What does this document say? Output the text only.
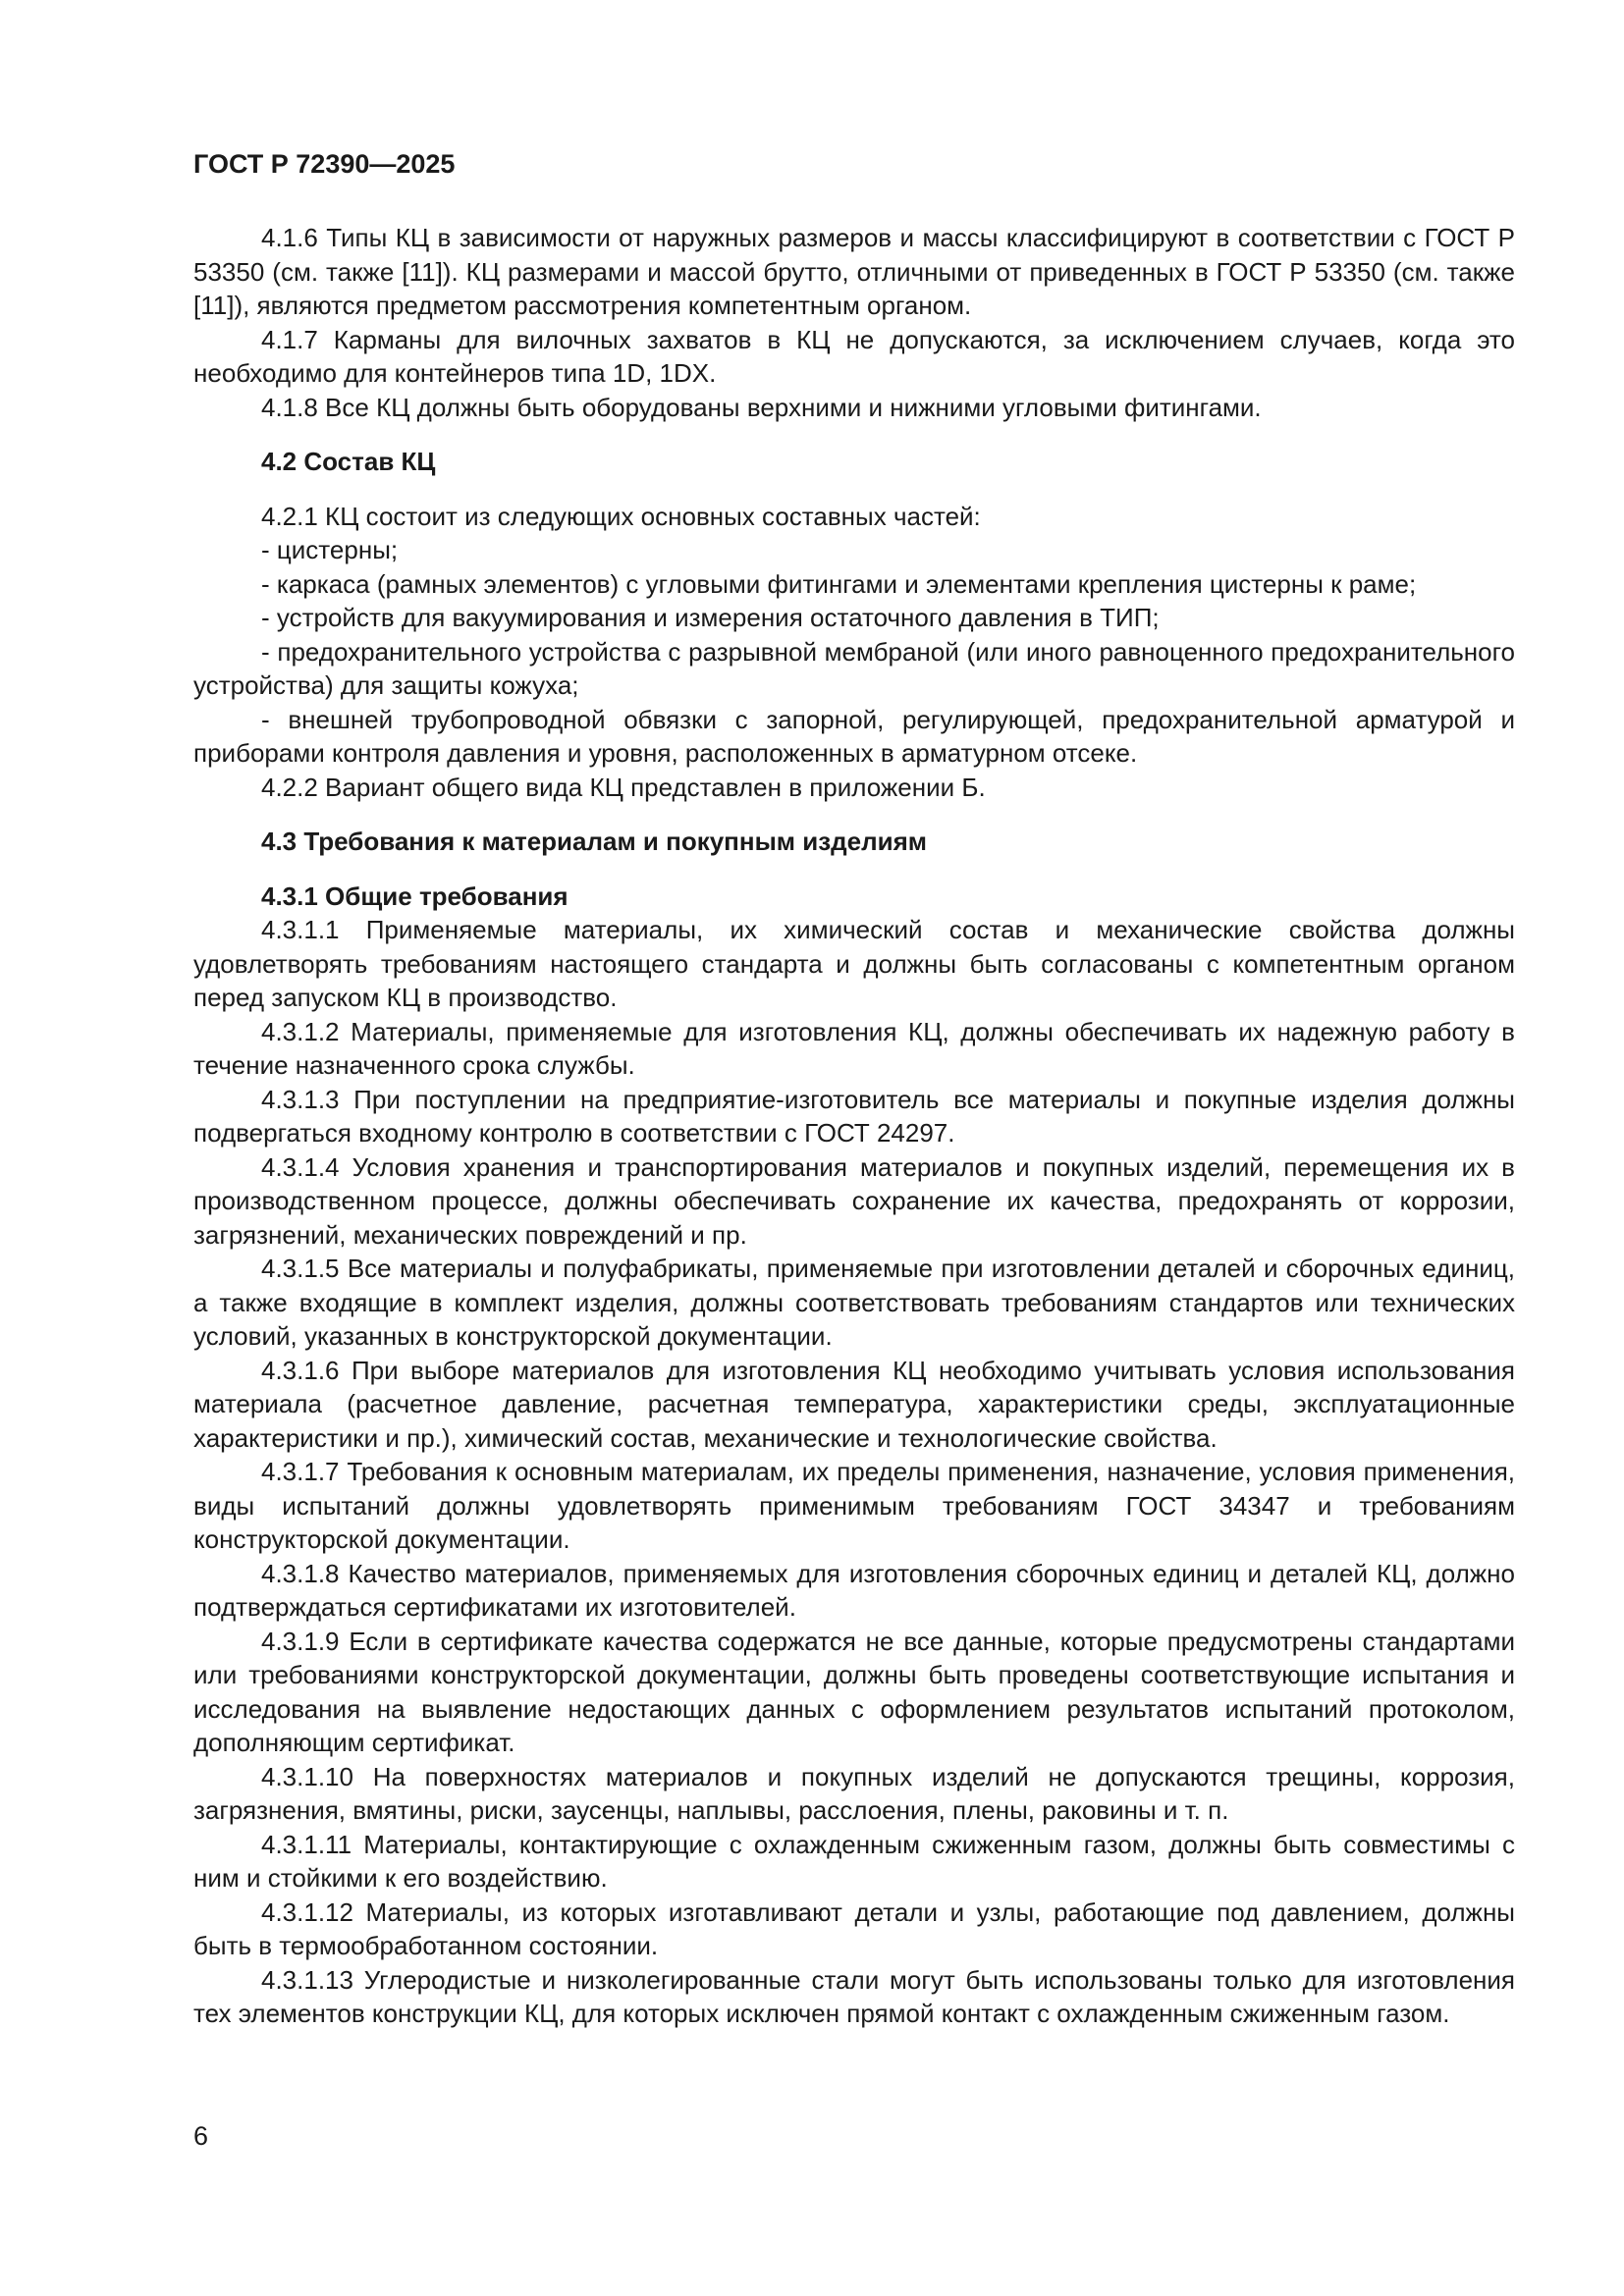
ГОСТ Р 72390—2025

4.1.6 Типы КЦ в зависимости от наружных размеров и массы классифицируют в соответствии с ГОСТ Р 53350 (см. также [11]). КЦ размерами и массой брутто, отличными от приведенных в ГОСТ Р 53350 (см. также [11]), являются предметом рассмотрения компетентным органом.

4.1.7 Карманы для вилочных захватов в КЦ не допускаются, за исключением случаев, когда это необходимо для контейнеров типа 1D, 1DX.

4.1.8 Все КЦ должны быть оборудованы верхними и нижними угловыми фитингами.

4.2 Состав КЦ

4.2.1 КЦ состоит из следующих основных составных частей:

- цистерны;

- каркаса (рамных элементов) с угловыми фитингами и элементами крепления цистерны к раме;

- устройств для вакуумирования и измерения остаточного давления в ТИП;

- предохранительного устройства с разрывной мембраной (или иного равноценного предохранительного устройства) для защиты кожуха;

- внешней трубопроводной обвязки с запорной, регулирующей, предохранительной арматурой и приборами контроля давления и уровня, расположенных в арматурном отсеке.

4.2.2 Вариант общего вида КЦ представлен в приложении Б.

4.3 Требования к материалам и покупным изделиям

4.3.1 Общие требования

4.3.1.1 Применяемые материалы, их химический состав и механические свойства должны удовлетворять требованиям настоящего стандарта и должны быть согласованы с компетентным органом перед запуском КЦ в производство.

4.3.1.2 Материалы, применяемые для изготовления КЦ, должны обеспечивать их надежную работу в течение назначенного срока службы.

4.3.1.3 При поступлении на предприятие-изготовитель все материалы и покупные изделия должны подвергаться входному контролю в соответствии с ГОСТ 24297.

4.3.1.4 Условия хранения и транспортирования материалов и покупных изделий, перемещения их в производственном процессе, должны обеспечивать сохранение их качества, предохранять от коррозии, загрязнений, механических повреждений и пр.

4.3.1.5 Все материалы и полуфабрикаты, применяемые при изготовлении деталей и сборочных единиц, а также входящие в комплект изделия, должны соответствовать требованиям стандартов или технических условий, указанных в конструкторской документации.

4.3.1.6 При выборе материалов для изготовления КЦ необходимо учитывать условия использования материала (расчетное давление, расчетная температура, характеристики среды, эксплуатационные характеристики и пр.), химический состав, механические и технологические свойства.

4.3.1.7 Требования к основным материалам, их пределы применения, назначение, условия применения, виды испытаний должны удовлетворять применимым требованиям ГОСТ 34347 и требованиям конструкторской документации.

4.3.1.8 Качество материалов, применяемых для изготовления сборочных единиц и деталей КЦ, должно подтверждаться сертификатами их изготовителей.

4.3.1.9 Если в сертификате качества содержатся не все данные, которые предусмотрены стандартами или требованиями конструкторской документации, должны быть проведены соответствующие испытания и исследования на выявление недостающих данных с оформлением результатов испытаний протоколом, дополняющим сертификат.

4.3.1.10 На поверхностях материалов и покупных изделий не допускаются трещины, коррозия, загрязнения, вмятины, риски, заусенцы, наплывы, расслоения, плены, раковины и т. п.

4.3.1.11 Материалы, контактирующие с охлажденным сжиженным газом, должны быть совместимы с ним и стойкими к его воздействию.

4.3.1.12 Материалы, из которых изготавливают детали и узлы, работающие под давлением, должны быть в термообработанном состоянии.

4.3.1.13 Углеродистые и низколегированные стали могут быть использованы только для изготовления тех элементов конструкции КЦ, для которых исключен прямой контакт с охлажденным сжиженным газом.

6
